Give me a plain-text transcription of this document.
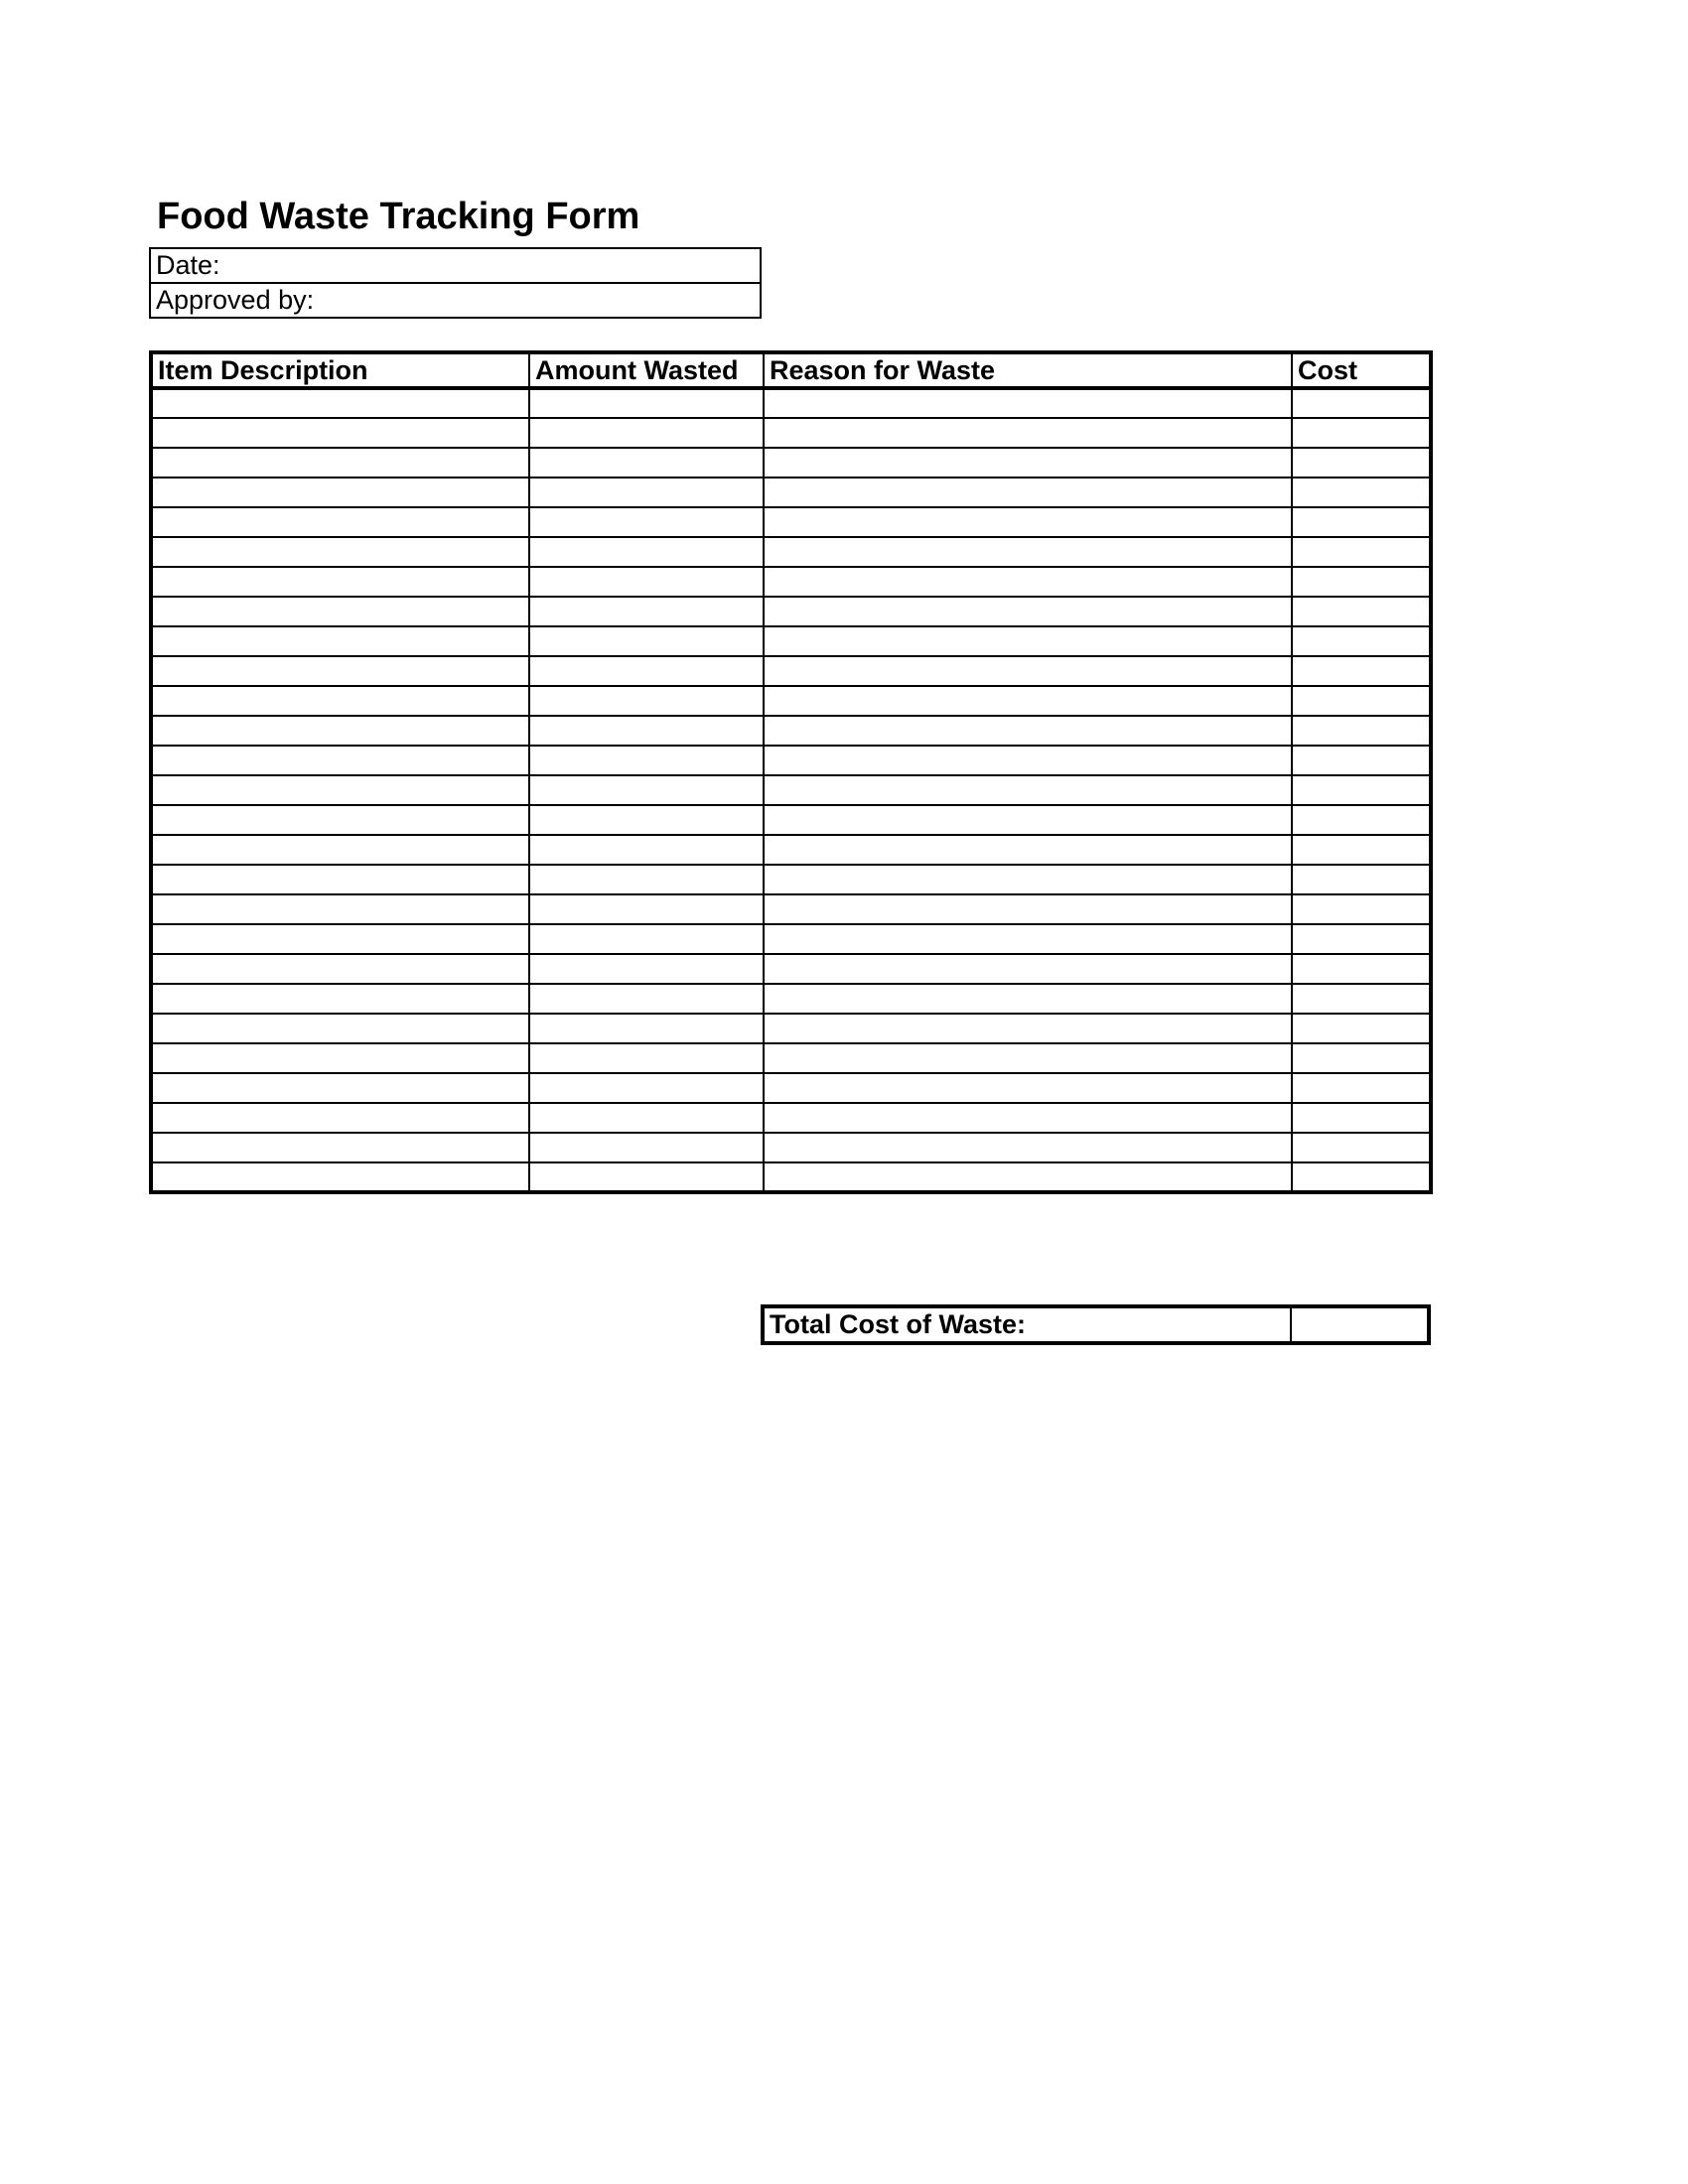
Food Waste Tracking Form
Date:
Approved by:
Item Description	Amount Wasted	Reason for Waste	Cost

Total Cost of Waste:
